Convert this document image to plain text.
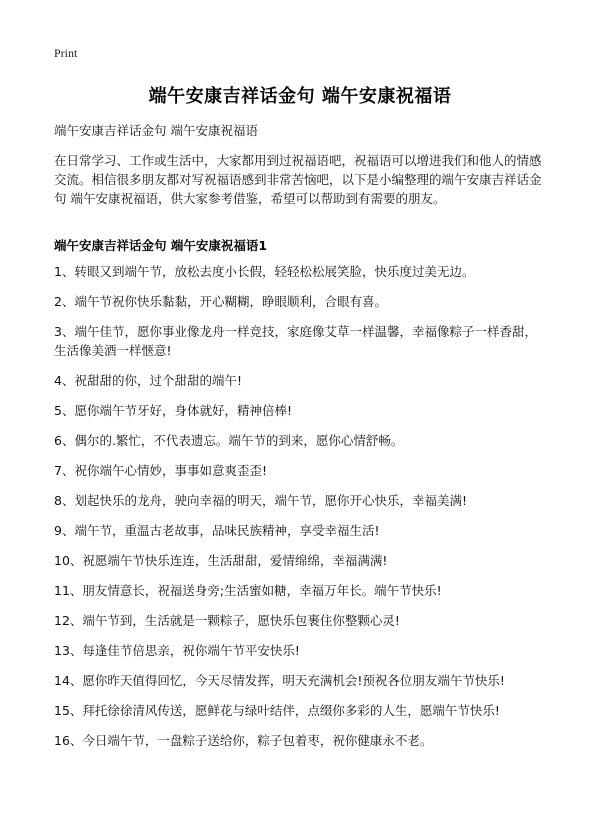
Print
端午安康吉祥话金句 端午安康祝福语
端午安康吉祥话金句 端午安康祝福语

在日常学习、工作或生活中，大家都用到过祝福语吧，祝福语可以增进我们和他人的情感交流。相信很多朋友都对写祝福语感到非常苦恼吧，以下是小编整理的端午安康吉祥话金句 端午安康祝福语，供大家参考借鉴，希望可以帮助到有需要的朋友。

端午安康吉祥话金句 端午安康祝福语1
1、转眼又到端午节，放松去度小长假，轻轻松松展笑脸，快乐度过美无边。
2、端午节祝你快乐黏黏，开心糊糊，睁眼顺利，合眼有喜。
3、端午佳节，愿你事业像龙舟一样竞技，家庭像艾草一样温馨，幸福像粽子一样香甜，生活像美酒一样惬意!
4、祝甜甜的你，过个甜甜的端午!
5、愿你端午节牙好，身体就好，精神倍棒!
6、偶尔的.繁忙，不代表遗忘。端午节的到来，愿你心情舒畅。
7、祝你端午心情妙，事事如意爽歪歪!
8、划起快乐的龙舟，驶向幸福的明天，端午节，愿你开心快乐，幸福美满!
9、端午节，重温古老故事，品味民族精神，享受幸福生活!
10、祝愿端午节快乐连连，生活甜甜，爱情绵绵，幸福满满!
11、朋友情意长，祝福送身旁;生活蜜如糖，幸福万年长。端午节快乐!
12、端午节到，生活就是一颗粽子，愿快乐包裹住你整颗心灵!
13、每逢佳节倍思亲，祝你端午节平安快乐!
14、愿你昨天值得回忆，今天尽情发挥，明天充满机会!预祝各位朋友端午节快乐!
15、拜托徐徐清风传送，愿鲜花与绿叶结伴，点缀你多彩的人生，愿端午节快乐!
16、今日端午节，一盘粽子送给你，粽子包着枣，祝你健康永不老。
